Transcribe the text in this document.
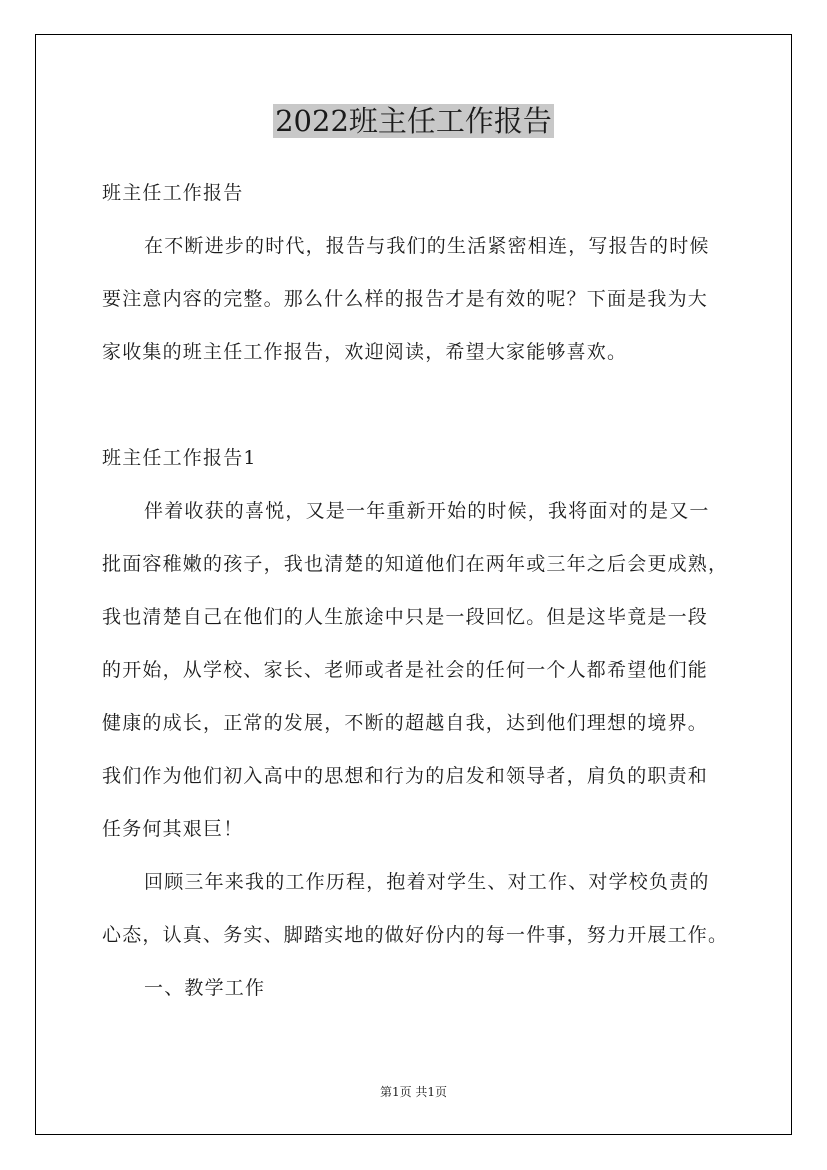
2022班主任工作报告
班主任工作报告
在不断进步的时代，报告与我们的生活紧密相连，写报告的时候
要注意内容的完整。那么什么样的报告才是有效的呢？下面是我为大
家收集的班主任工作报告，欢迎阅读，希望大家能够喜欢。
班主任工作报告1
伴着收获的喜悦，又是一年重新开始的时候，我将面对的是又一
批面容稚嫩的孩子，我也清楚的知道他们在两年或三年之后会更成熟，
我也清楚自己在他们的人生旅途中只是一段回忆。但是这毕竟是一段
的开始，从学校、家长、老师或者是社会的任何一个人都希望他们能
健康的成长，正常的发展，不断的超越自我，达到他们理想的境界。
我们作为他们初入高中的思想和行为的启发和领导者，肩负的职责和
任务何其艰巨！
回顾三年来我的工作历程，抱着对学生、对工作、对学校负责的
心态，认真、务实、脚踏实地的做好份内的每一件事，努力开展工作。
一、教学工作
第1页 共1页
